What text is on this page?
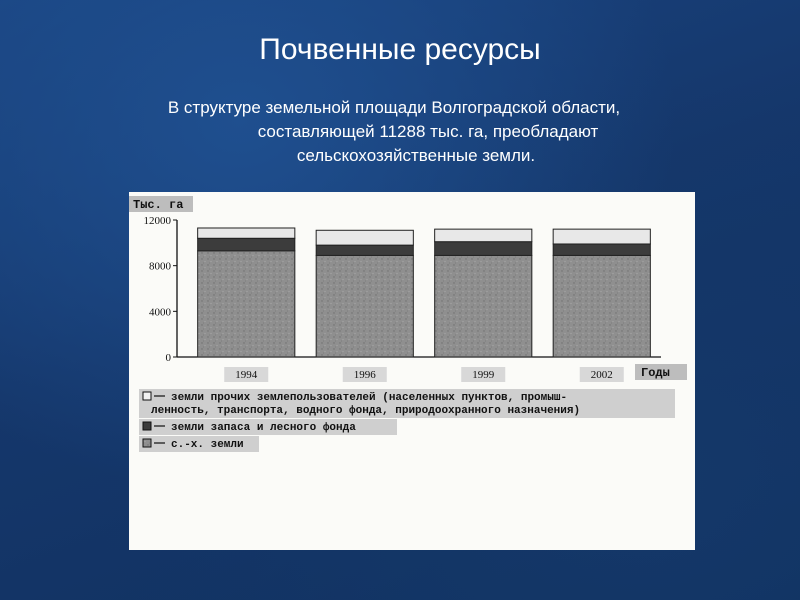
Почвенные ресурсы
В структуре земельной площади Волгоградской области,
составляющей 11288 тыс. га, преобладают
сельскохозяйственные земли.
Тыс. га
0
4000
8000
12000
1994	1996	1999	2002 Годы
земли прочих землепользователей (населенных пунктов, промыш-
ленность, транспорта, водного фонда, природоохранного назначения)
земли запаса и лесного фонда
с.-х. земли
